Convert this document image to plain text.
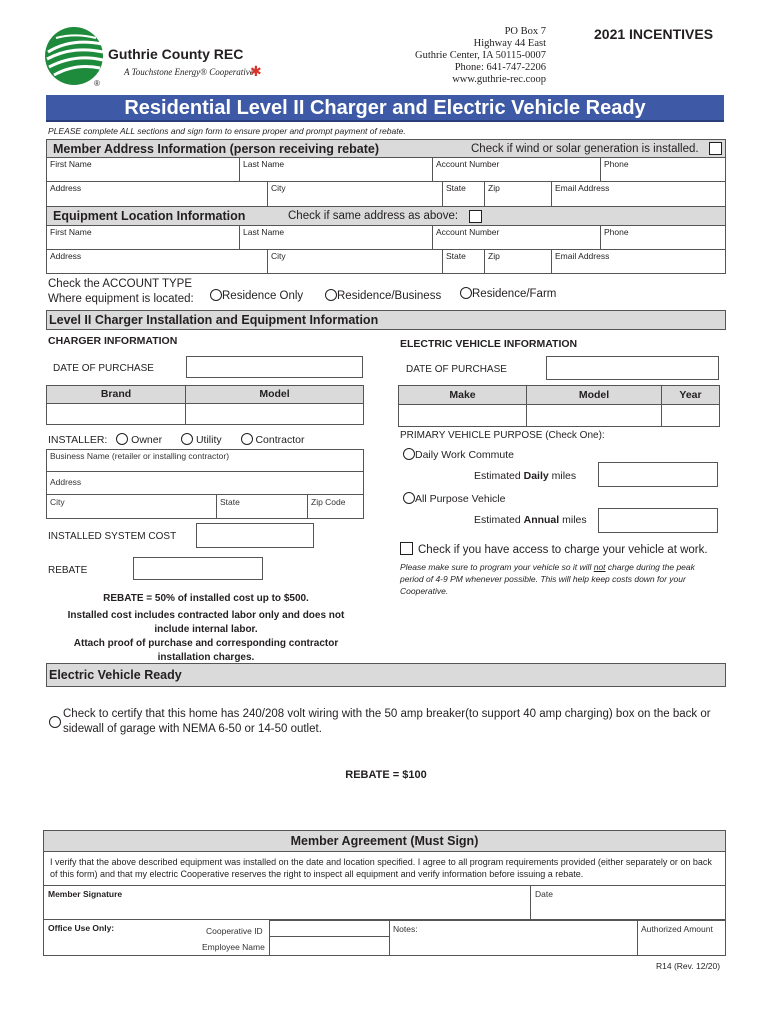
Guthrie County REC
A Touchstone Energy® Cooperative
✱
®
PO Box 7
Highway 44 East
Guthrie Center, IA 50115-0007
Phone: 641-747-2206
www.guthrie-rec.coop
2021 INCENTIVES
Residential Level II Charger and Electric Vehicle Ready
PLEASE complete ALL sections and sign form to ensure proper and prompt payment of rebate.
Member Address Information (person receiving rebate)	Check if wind or solar generation is installed.
First Name	Last Name	Account Number	Phone
Address	City	State	Zip	Email Address
Equipment Location Information	Check if same address as above:
First Name	Last Name	Account Number	Phone
Address	City	State	Zip	Email Address
Check the ACCOUNT TYPE
Where equipment is located:	Residence Only	Residence/Business	Residence/Farm
Level II Charger Installation and Equipment Information
CHARGER INFORMATION
DATE OF PURCHASE
Brand	Model
INSTALLER: Owner	Utility	Contractor
Business Name (retailer or installing contractor)
Address
City	State	Zip Code
INSTALLED SYSTEM COST
REBATE
REBATE = 50% of installed cost up to $500.
Installed cost includes contracted labor only and does not include internal labor.
Attach proof of purchase and corresponding contractor installation charges.
ELECTRIC VEHICLE INFORMATION
DATE OF PURCHASE
Make	Model	Year
PRIMARY VEHICLE PURPOSE (Check One):
Daily Work Commute
Estimated Daily miles
All Purpose Vehicle
Estimated Annual miles
Check if you have access to charge your vehicle at work.
Please make sure to program your vehicle so it will not charge during the peak period of 4-9 PM whenever possible. This will help keep costs down for your Cooperative.
Electric Vehicle Ready
Check to certify that this home has 240/208 volt wiring with the 50 amp breaker(to support 40 amp charging) box on the back or sidewall of garage with NEMA 6-50 or 14-50 outlet.
REBATE = $100
Member Agreement (Must Sign)
I verify that the above described equipment was installed on the date and location specified. I agree to all program requirements provided (either separately or on back of this form) and that my electric Cooperative reserves the right to inspect all equipment and verify information before issuing a rebate.
Member Signature	Date
Office Use Only:	Cooperative ID
Employee Name
Notes:	Authorized Amount
R14 (Rev. 12/20)
